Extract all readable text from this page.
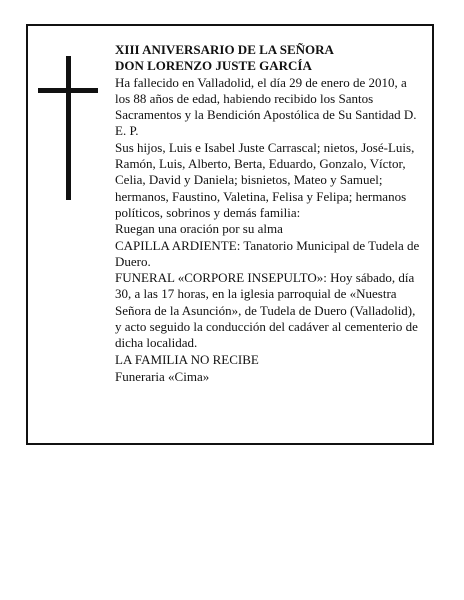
XIII ANIVERSARIO DE LA SEÑORA

DON LORENZO JUSTE GARCÍA

Ha fallecido en Valladolid, el día 29 de enero de 2010, a los 88 años de edad, habiendo recibido los Santos Sacramentos y la Bendición Apostólica de Su Santidad D. E. P.

Sus hijos, Luis e Isabel Juste Carrascal; nietos, José-Luis, Ramón, Luis, Alberto, Berta, Eduardo, Gonzalo, Víctor, Celia, David y Daniela; bisnietos, Mateo y Samuel; hermanos, Faustino, Valetina, Felisa y Felipa; hermanos políticos, sobrinos y demás familia:

Ruegan una oración por su alma

CAPILLA ARDIENTE: Tanatorio Municipal de Tudela de Duero.

FUNERAL «CORPORE INSEPULTO»: Hoy sábado, día 30, a las 17 horas, en la iglesia parroquial de «Nuestra Señora de la Asunción», de Tudela de Duero (Valladolid), y acto seguido la conducción del cadáver al cementerio de dicha localidad.

LA FAMILIA NO RECIBE

Funeraria «Cima»
